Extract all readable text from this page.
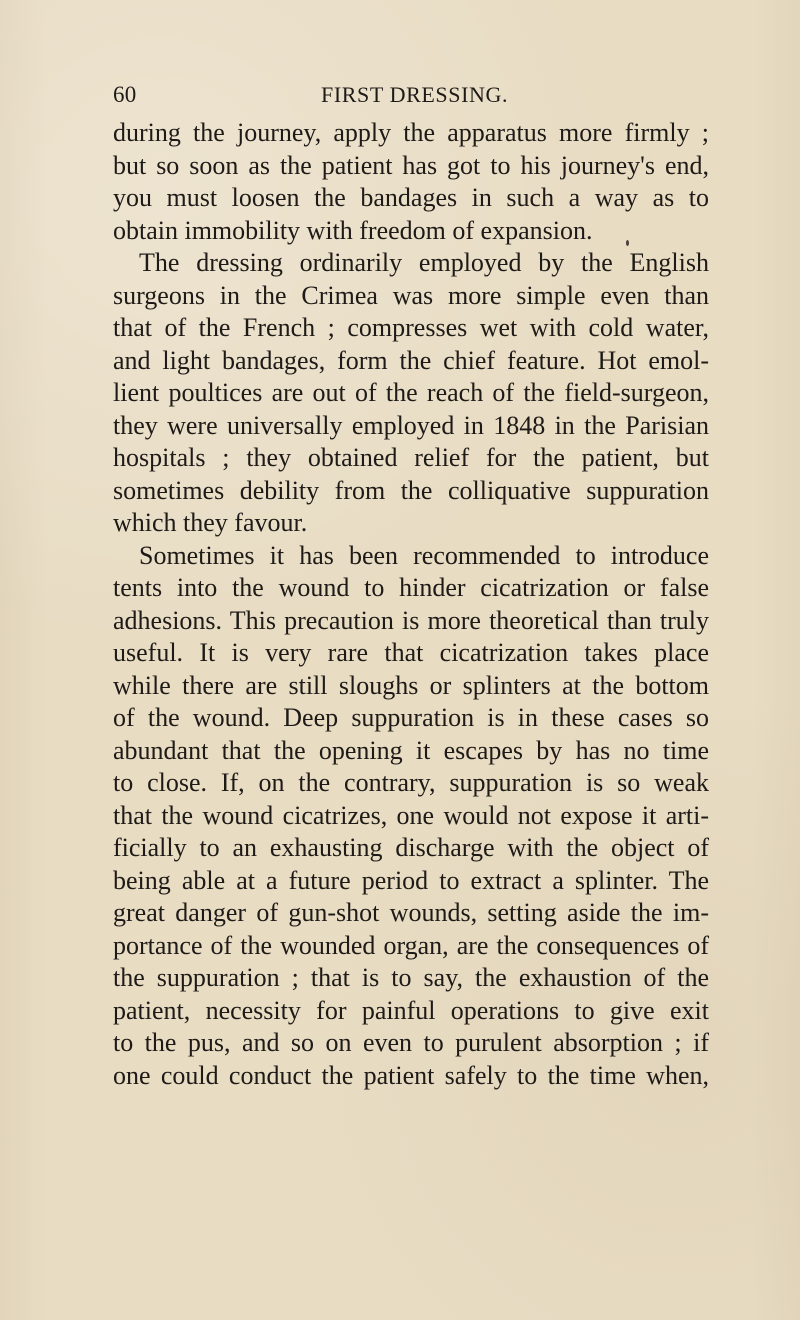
60	FIRST DRESSING.
during the journey, apply the apparatus more firmly ;
but so soon as the patient has got to his journey's end,
you must loosen the bandages in such a way as to
obtain immobility with freedom of expansion.
The dressing ordinarily employed by the English
surgeons in the Crimea was more simple even than
that of the French ; compresses wet with cold water,
and light bandages, form the chief feature. Hot emol-
lient poultices are out of the reach of the field-surgeon,
they were universally employed in 1848 in the Parisian
hospitals ; they obtained relief for the patient, but
sometimes debility from the colliquative suppuration
which they favour.
Sometimes it has been recommended to introduce
tents into the wound to hinder cicatrization or false
adhesions. This precaution is more theoretical than truly
useful. It is very rare that cicatrization takes place
while there are still sloughs or splinters at the bottom
of the wound. Deep suppuration is in these cases so
abundant that the opening it escapes by has no time
to close. If, on the contrary, suppuration is so weak
that the wound cicatrizes, one would not expose it arti-
ficially to an exhausting discharge with the object of
being able at a future period to extract a splinter. The
great danger of gun-shot wounds, setting aside the im-
portance of the wounded organ, are the consequences of
the suppuration ; that is to say, the exhaustion of the
patient, necessity for painful operations to give exit
to the pus, and so on even to purulent absorption ; if
one could conduct the patient safely to the time when,
